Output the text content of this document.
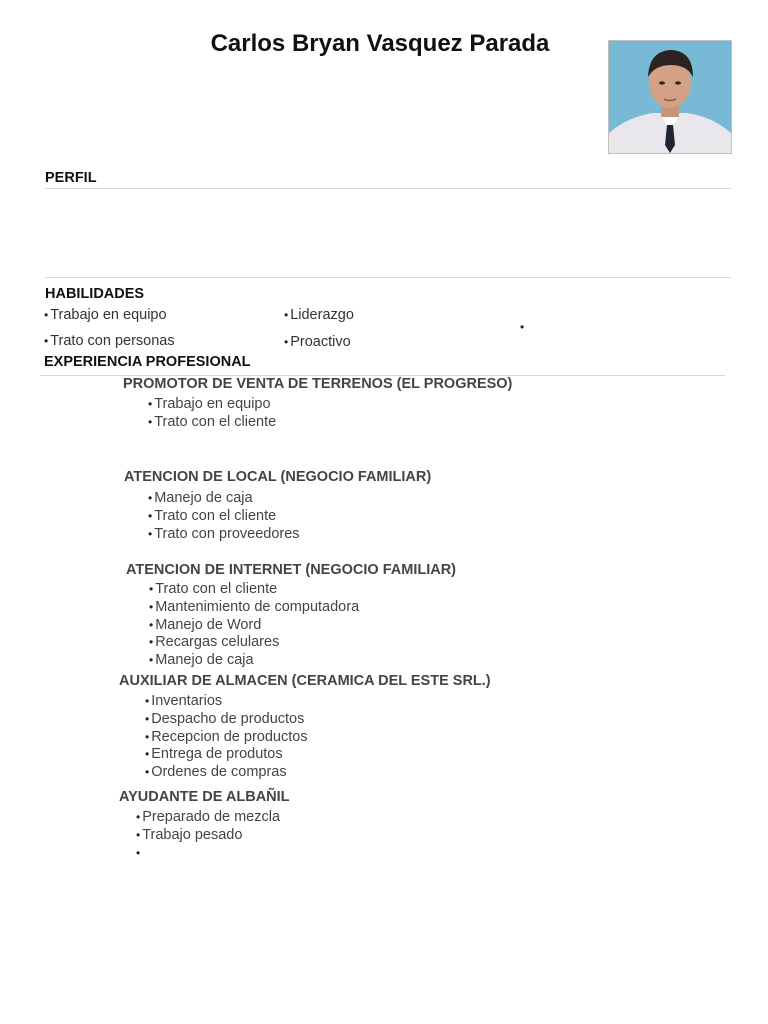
Carlos Bryan Vasquez Parada
PERFIL
HABILIDADES
• Trabajo en equipo
• Trato con personas
• Liderazgo
• Proactivo
•
EXPERIENCIA PROFESIONAL
PROMOTOR DE VENTA DE TERRENOS (EL PROGRESO)
• Trabajo en equipo
• Trato con el cliente
ATENCION DE LOCAL (NEGOCIO FAMILIAR)
• Manejo de caja
• Trato con el cliente
• Trato con proveedores
ATENCION DE INTERNET (NEGOCIO FAMILIAR)
• Trato con el cliente
• Mantenimiento de computadora
• Manejo de Word
• Recargas celulares
• Manejo de caja
AUXILIAR DE ALMACEN (CERAMICA DEL ESTE SRL.)
• Inventarios
• Despacho de productos
• Recepcion de productos
• Entrega de produtos
• Ordenes de compras
AYUDANTE DE ALBAÑIL
• Preparado de mezcla
• Trabajo pesado
•
